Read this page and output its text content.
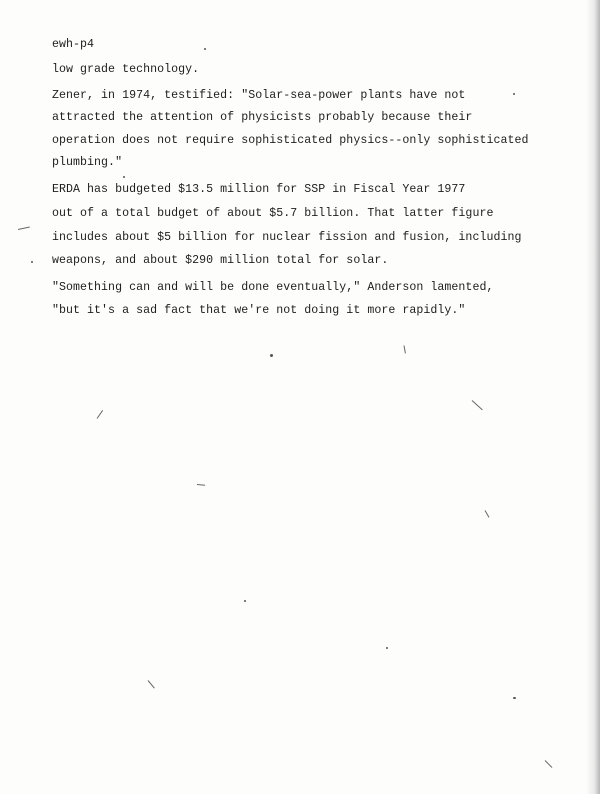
ewh-p4
low grade technology.
Zener, in 1974, testified: "Solar-sea-power plants have not
attracted the attention of physicists probably because their
operation does not require sophisticated physics--only sophisticated
plumbing."
ERDA has budgeted $13.5 million for SSP in Fiscal Year 1977
out of a total budget of about $5.7 billion. That latter figure
includes about $5 billion for nuclear fission and fusion, including
weapons, and about $290 million total for solar.
"Something can and will be done eventually," Anderson lamented,
"but it's a sad fact that we're not doing it more rapidly."
